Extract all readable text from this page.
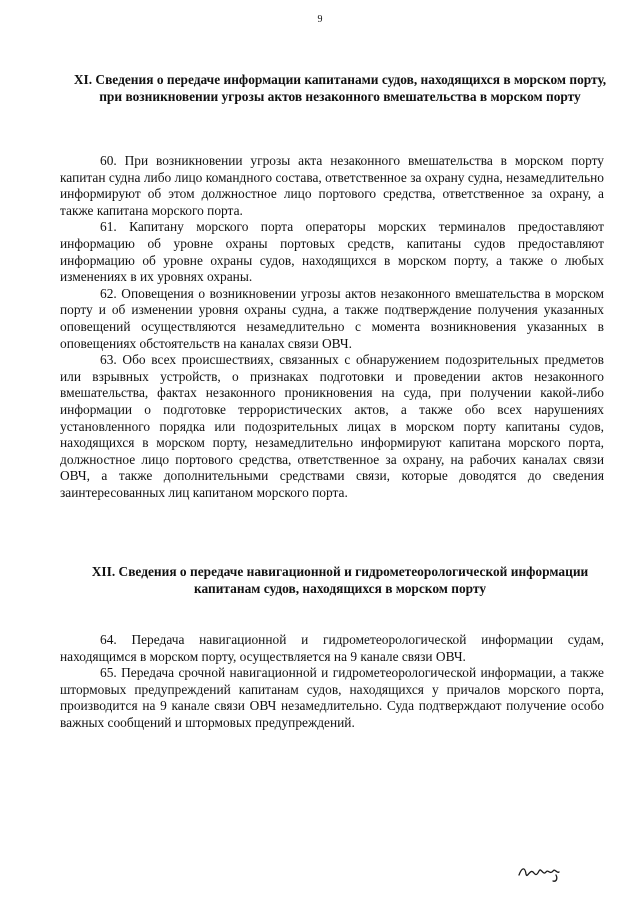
9
XI. Сведения о передаче информации капитанами судов, находящихся в морском порту, при возникновении угрозы актов незаконного вмешательства в морском порту

60. При возникновении угрозы акта незаконного вмешательства в морском порту капитан судна либо лицо командного состава, ответственное за охрану судна, незамедлительно информируют об этом должностное лицо портового средства, ответственное за охрану, а также капитана морского порта.

61. Капитану морского порта операторы морских терминалов предоставляют информацию об уровне охраны портовых средств, капитаны судов предоставляют информацию об уровне охраны судов, находящихся в морском порту, а также о любых изменениях в их уровнях охраны.

62. Оповещения о возникновении угрозы актов незаконного вмешательства в морском порту и об изменении уровня охраны судна, а также подтверждение получения указанных оповещений осуществляются незамедлительно с момента возникновения указанных в оповещениях обстоятельств на каналах связи ОВЧ.

63. Обо всех происшествиях, связанных с обнаружением подозрительных предметов или взрывных устройств, о признаках подготовки и проведении актов незаконного вмешательства, фактах незаконного проникновения на суда, при получении какой-либо информации о подготовке террористических актов, а также обо всех нарушениях установленного порядка или подозрительных лицах в морском порту капитаны судов, находящихся в морском порту, незамедлительно информируют капитана морского порта, должностное лицо портового средства, ответственное за охрану, на рабочих каналах связи ОВЧ, а также дополнительными средствами связи, которые доводятся до сведения заинтересованных лиц капитаном морского порта.

XII. Сведения о передаче навигационной и гидрометеорологической информации капитанам судов, находящихся в морском порту

64. Передача навигационной и гидрометеорологической информации судам, находящимся в морском порту, осуществляется на 9 канале связи ОВЧ.

65. Передача срочной навигационной и гидрометеорологической информации, а также штормовых предупреждений капитанам судов, находящихся у причалов морского порта, производится на 9 канале связи ОВЧ незамедлительно. Суда подтверждают получение особо важных сообщений и штормовых предупреждений.
